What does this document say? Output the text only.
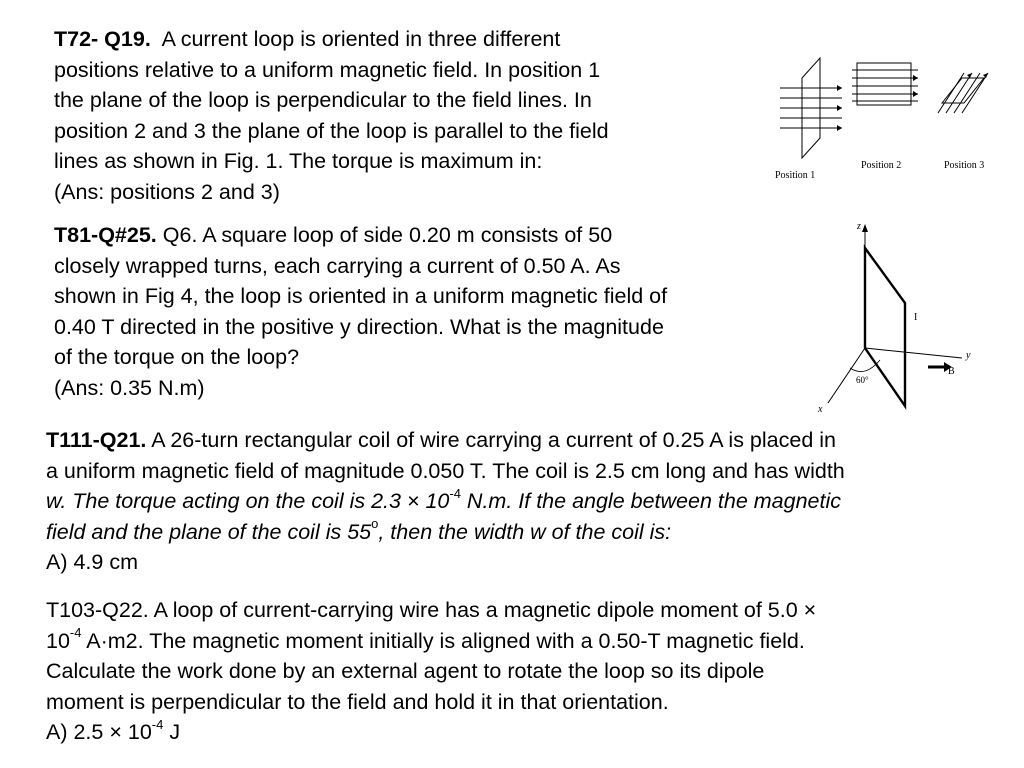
T72- Q19. A current loop is oriented in three different
positions relative to a uniform magnetic field. In position 1
the plane of the loop is perpendicular to the field lines. In
position 2 and 3 the plane of the loop is parallel to the field
lines as shown in Fig. 1. The torque is maximum in:
(Ans: positions 2 and 3)
Position 1
Position 2	Position 3
T81-Q#25. Q6. A square loop of side 0.20 m consists of 50
closely wrapped turns, each carrying a current of 0.50 A. As
shown in Fig 4, the loop is oriented in a uniform magnetic field of
0.40 T directed in the positive y direction. What is the magnitude
of the torque on the loop?
(Ans: 0.35 N.m)
z
y
x
I
B
60°
T111-Q21. A 26-turn rectangular coil of wire carrying a current of 0.25 A is placed in
a uniform magnetic field of magnitude 0.050 T. The coil is 2.5 cm long and has width
w. The torque acting on the coil is $2.3 \times 10^{-4}$ N.m. If the angle between the magnetic
field and the plane of the coil is 55$^o$, then the width w of the coil is:
A) 4.9 cm
T103-Q22. A loop of current-carrying wire has a magnetic dipole moment of 5.0 ×
$10^{-4}$ A·m2. The magnetic moment initially is aligned with a 0.50-T magnetic field.
Calculate the work done by an external agent to rotate the loop so its dipole
moment is perpendicular to the field and hold it in that orientation.
A) $2.5 \times 10^{-4}$ J
